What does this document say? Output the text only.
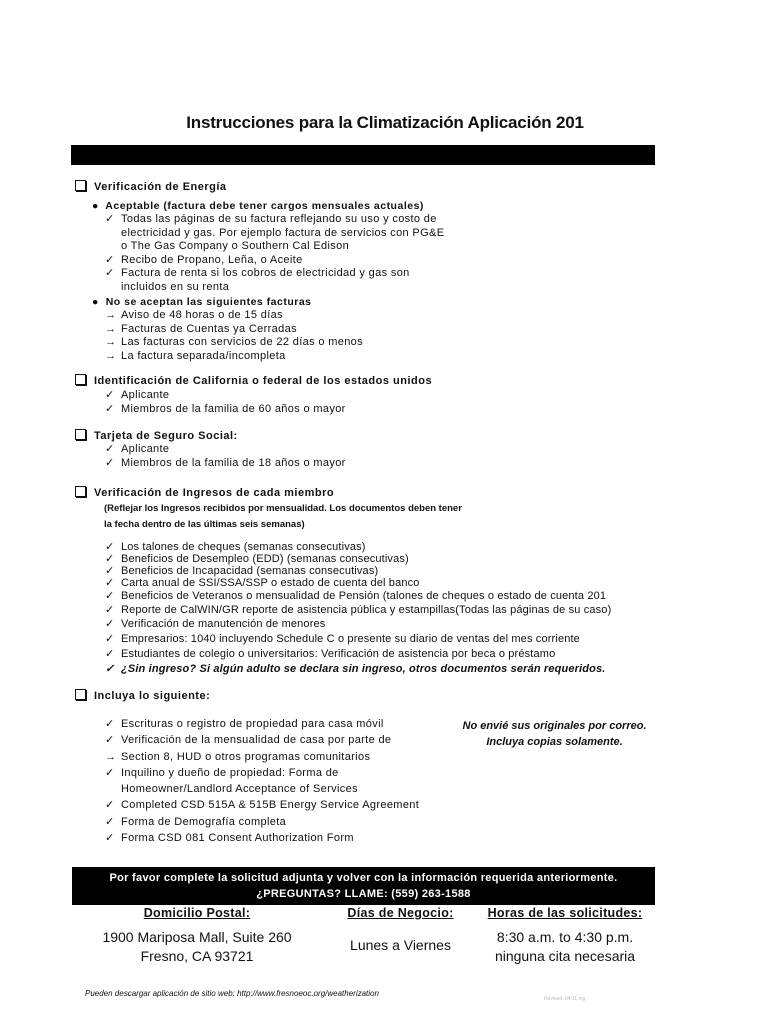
Instrucciones para la Climatización Aplicación 201
Verificación de Energía
● Aceptable (factura debe tener cargos mensuales actuales)
✓ Todas las páginas de su factura reflejando su uso y costo de
electricidad y gas. Por ejemplo factura de servicios con PG&E
o The Gas Company o Southern Cal Edison
✓ Recibo de Propano, Leña, o Aceite
✓ Factura de renta si los cobros de electricidad y gas son
incluidos en su renta
● No se aceptan las siguientes facturas
→ Aviso de 48 horas o de 15 días
→ Facturas de Cuentas ya Cerradas
→ Las facturas con servicios de 22 días o menos
→ La factura separada/incompleta
Identificación de California o federal de los estados unidos
✓ Aplicante
✓ Miembros de la familia de 60 años o mayor
Tarjeta de Seguro Social:
✓ Aplicante
✓ Miembros de la familia de 18 años o mayor
Verificación de Ingresos de cada miembro
(Reflejar los Ingresos recibidos por mensualidad. Los documentos deben tener
la fecha dentro de las últimas seis semanas)
✓ Los talones de cheques (semanas consecutivas)
✓ Beneficios de Desempleo (EDD) (semanas consecutivas)
✓ Beneficios de Incapacidad (semanas consecutivas)
✓ Carta anual de SSI/SSA/SSP o estado de cuenta del banco
✓ Beneficios de Veteranos o mensualidad de Pensión (talones de cheques o estado de cuenta 201
✓ Reporte de CalWIN/GR reporte de asistencia pública y estampillas(Todas las páginas de su caso)
✓ Verificación de manutención de menores
✓ Empresarios: 1040 incluyendo Schedule C o presente su diario de ventas del mes corriente
✓ Estudiantes de colegio o universitarios: Verificación de asistencia por beca o préstamo
✓ ¿Sin ingreso? Si algún adulto se declara sin ingreso, otros documentos serán requeridos.
Incluya lo siguiente:
✓ Escrituras o registro de propiedad para casa móvil
✓ Verificación de la mensualidad de casa por parte de
→ Section 8, HUD o otros programas comunitarios
✓ Inquilino y dueño de propiedad: Forma de
Homeowner/Landlord Acceptance of Services
✓ Completed CSD 515A & 515B Energy Service Agreement
✓ Forma de Demografía completa
✓ Forma CSD 081 Consent Authorization Form
No envié sus originales por correo.
Incluya copias solamente.
Por favor complete la solicitud adjunta y volver con la información requerida anteriormente.
¿PREGUNTAS? LLAME: (559) 263-1588
Domicilio Postal:
1900 Mariposa Mall, Suite 260
Fresno, CA 93721
Días de Negocio:
Lunes a Viernes
Horas de las solicitudes:
8:30 a.m. to 4:30 p.m.
ninguna cita necesaria
Pueden descargar aplicación de sitio web: http://www.fresnoeoc.org/weatherization
Revised: 04/11 mg
